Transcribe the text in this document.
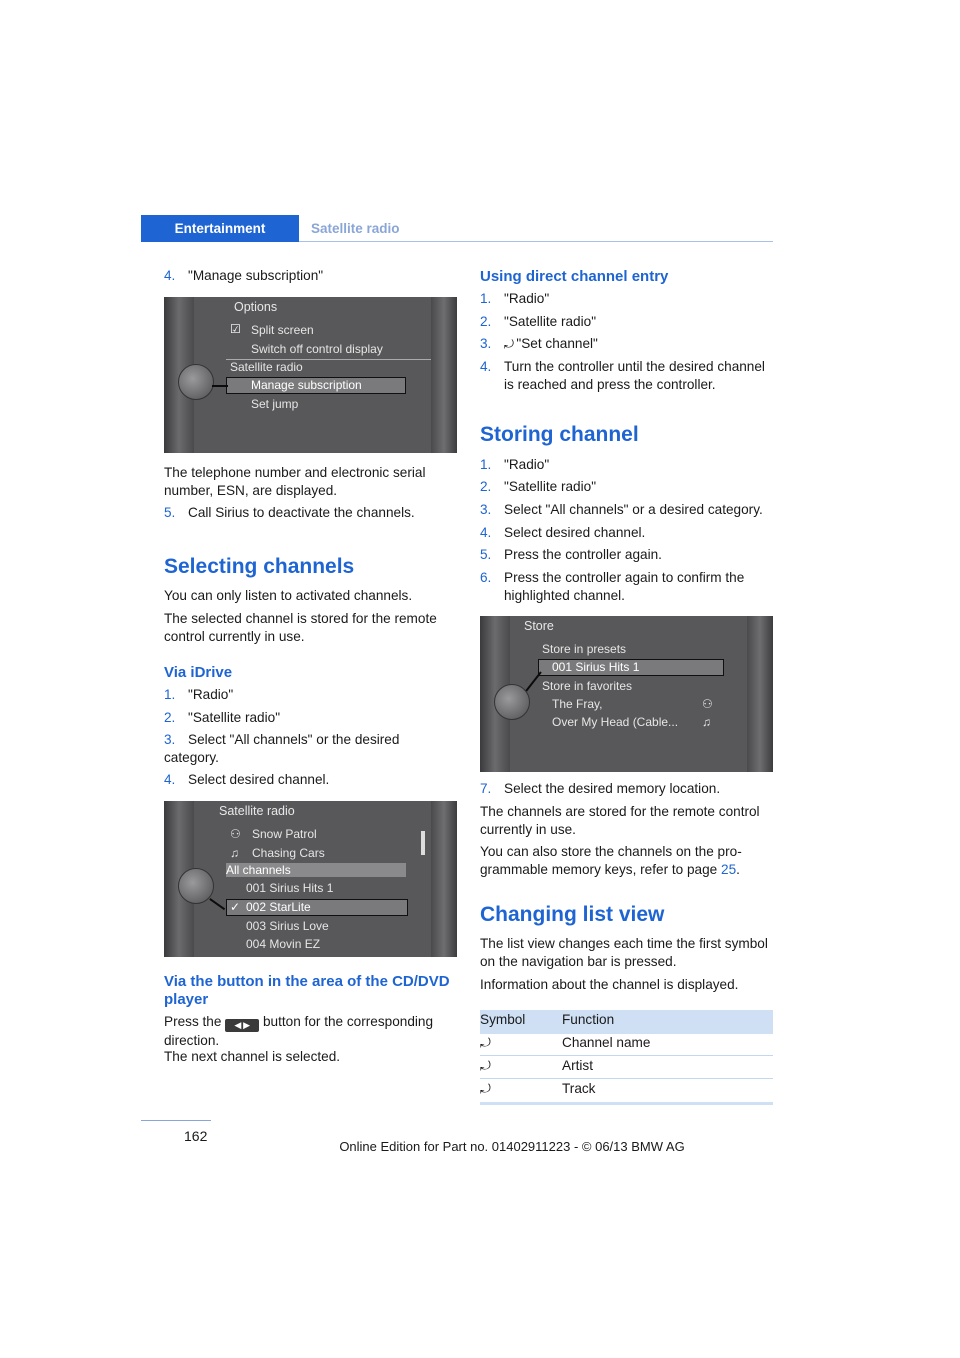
Entertainment	Satellite radio
4. "Manage subscription"
Options
☑ Split screen
Switch off control display
Satellite radio
Manage subscription
Set jump

The telephone number and electronic serial number, ESN, are displayed.

5. Call Sirius to deactivate the channels.
Selecting channels

You can only listen to activated channels.

The selected channel is stored for the remote control currently in use.

Via iDrive
1. "Radio"
2. "Satellite radio"
3. Select "All channels" or the desired category.
4. Select desired channel.
Satellite radio
⚇ Snow Patrol
♫ Chasing Cars
All channels
001 Sirius Hits 1
✓ 002 StarLite
003 Sirius Love
004 Movin EZ
Via the button in the area of the CD/DVD player

Press the ◀ ▶ button for the corresponding direction.

The next channel is selected.

Using direct channel entry
1. "Radio"
2. "Satellite radio"
3. ⤾ "Set channel"
4. Turn the controller until the desired channel is reached and press the controller.
Storing channel
1. "Radio"
2. "Satellite radio"
3. Select "All channels" or a desired category.
4. Select desired channel.
5. Press the controller again.
6. Press the controller again to confirm the highlighted channel.
Store
Store in presets
001 Sirius Hits 1
Store in favorites
The Fray,
Over My Head (Cable...
⚇
♫
7. Select the desired memory location.

The channels are stored for the remote control currently in use.

You can also store the channels on the pro-grammable memory keys, refer to page 25.

Changing list view

The list view changes each time the first symbol on the navigation bar is pressed.

Information about the channel is displayed.

Symbol	Function
⤾	Channel name
⤾	Artist
⤾	Track
162
Online Edition for Part no. 01402911223 - © 06/13 BMW AG
